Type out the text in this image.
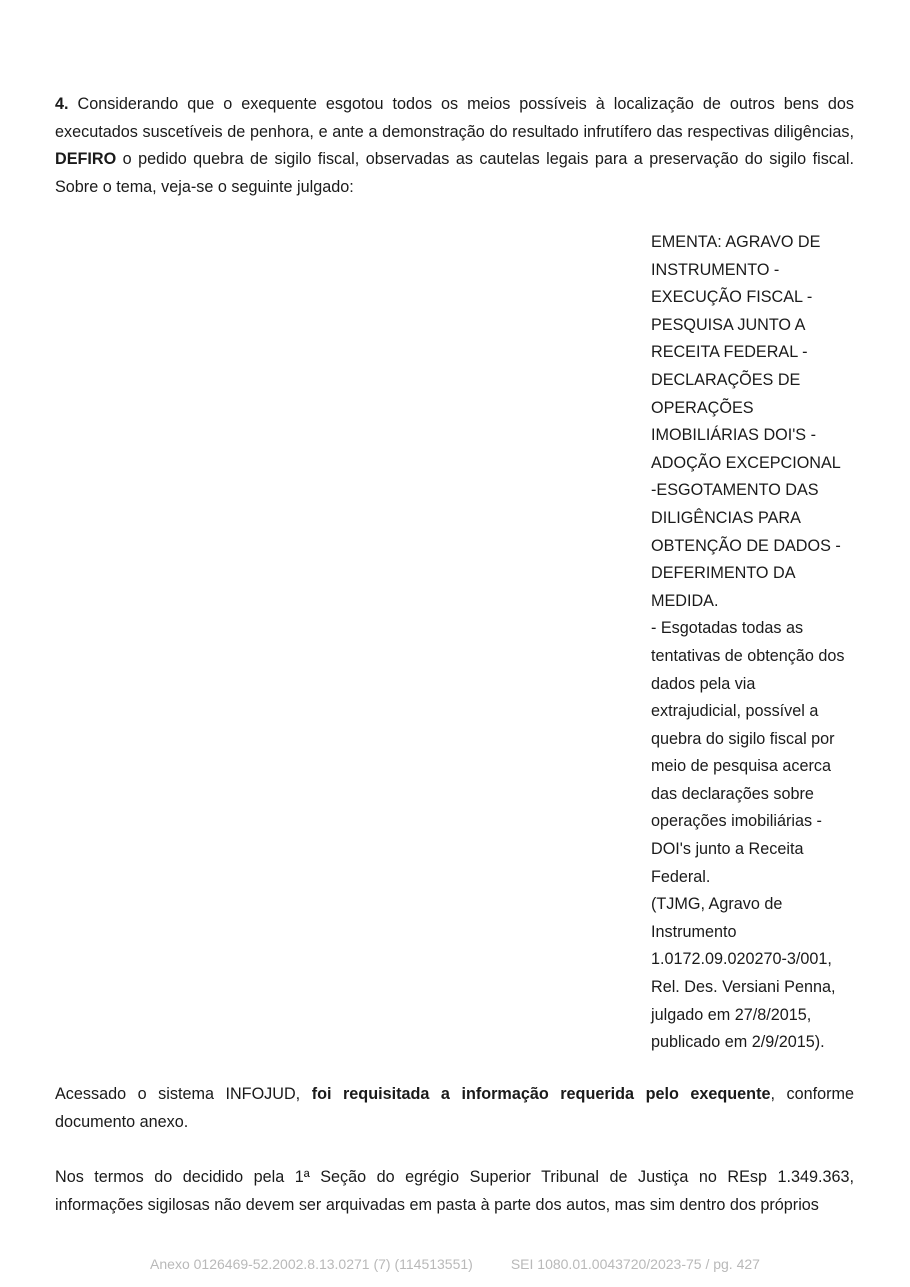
4. Considerando que o exequente esgotou todos os meios possíveis à localização de outros bens dos executados suscetíveis de penhora, e ante a demonstração do resultado infrutífero das respectivas diligências, DEFIRO o pedido quebra de sigilo fiscal, observadas as cautelas legais para a preservação do sigilo fiscal. Sobre o tema, veja-se o seguinte julgado:

EMENTA: AGRAVO DE
INSTRUMENTO -
EXECUÇÃO FISCAL -
PESQUISA JUNTO A
RECEITA FEDERAL -
DECLARAÇÕES DE
OPERAÇÕES
IMOBILIÁRIAS DOI'S -
ADOÇÃO EXCEPCIONAL
-ESGOTAMENTO DAS
DILIGÊNCIAS PARA
OBTENÇÃO DE DADOS -
DEFERIMENTO DA
MEDIDA.
- Esgotadas todas as
tentativas de obtenção dos
dados pela via
extrajudicial, possível a
quebra do sigilo fiscal por
meio de pesquisa acerca
das declarações sobre
operações imobiliárias -
DOI's junto a Receita
Federal.
(TJMG, Agravo de
Instrumento
1.0172.09.020270-3/001,
Rel. Des. Versiani Penna,
julgado em 27/8/2015,
publicado em 2/9/2015).

Acessado o sistema INFOJUD, foi requisitada a informação requerida pelo exequente, conforme documento anexo.

Nos termos do decidido pela 1ª Seção do egrégio Superior Tribunal de Justiça no REsp 1.349.363, informações sigilosas não devem ser arquivadas em pasta à parte dos autos, mas sim dentro dos próprios

Anexo 0126469-52.2002.8.13.0271 (7) (114513551)	SEI 1080.01.0043720/2023-75 / pg. 427
